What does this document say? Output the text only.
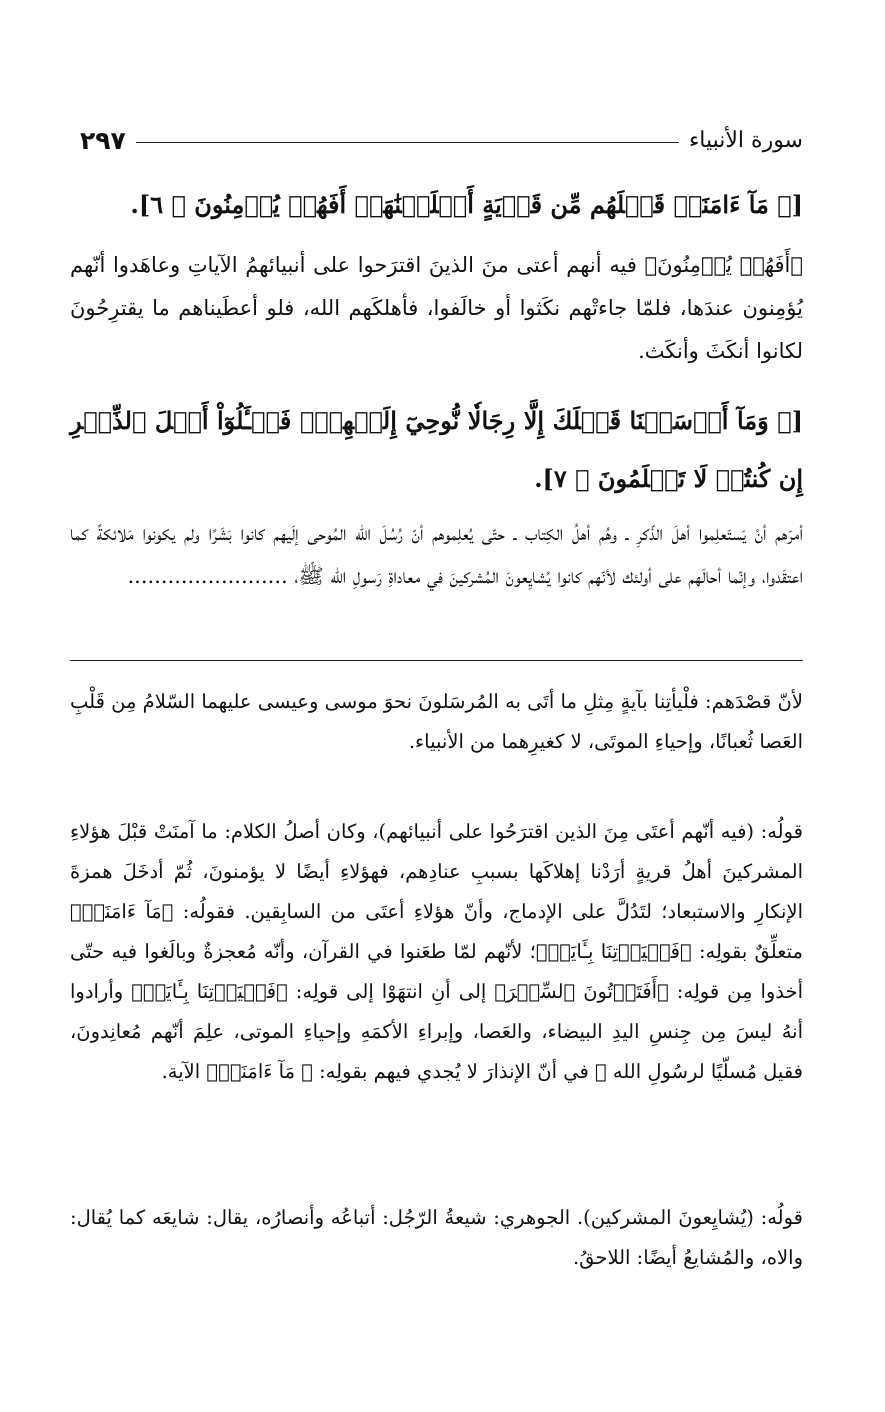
٢٩٧	سورة الأنبياء
[﴿ مَآ ءَامَنَتۡ قَبۡلَهُم مِّن قَرۡيَةٍ أَهۡلَكۡنَٰهَآۖ أَفَهُمۡ يُؤۡمِنُونَ ﴾ ٦].
﴿أَفَهُمۡ يُؤۡمِنُونَ﴾ فيه أنهم أعتى منَ الذينَ اقترَحوا على أنبيائهمُ الآياتِ وعاهَدوا أنّهم يُؤمِنون عندَها، فلمّا جاءتْهم نكَثوا أو خالَفوا، فأهلكَهم الله، فلو أعطَيناهم ما يقترِحُونَ لكانوا أنكَثَ وأنكَث.
[﴿ وَمَآ أَرۡسَلۡنَا قَبۡلَكَ إِلَّا رِجَالٗا نُّوحِيٓ إِلَيۡهِمۡۖ فَسۡـَٔلُوٓاْ أَهۡلَ ٱلذِّكۡرِ إِن كُنتُمۡ لَا تَعۡلَمُونَ ﴾ ٧].
أمرَهم أنْ يَستَعلِموا أهلَ الذّكرِ ـ وهُم أهلُ الكِتاب ـ حتّى يُعلِموهم أنّ رُسُلَ الله المُوحى إلَيهم كانوا بَشَرًا ولم يكونوا مَلائكةً كما اعتقَدوا، وإنّما أحالَهم على أولئك لأنّهم كانوا يُشايِعونَ المُشركينَ في معاداةِ رَسولِ الله ﷺ، ........................
لأنّ قصْدَهم: فلْيأتِنا بآيةٍ مِثلِ ما أتَى به المُرسَلونَ نحوَ موسى وعيسى عليهما السّلامُ مِن قَلْبِ العَصا ثُعبانًا، وإحياءِ الموتَى، لا كغيرِهما من الأنبياء.
قولُه: (فيه أنّهم أعتَى مِنَ الذين اقترَحُوا على أنبيائهم)، وكان أصلُ الكلام: ما آمنَتْ قبْلَ هؤلاءِ المشركينَ أهلُ قريةٍ أرَدْنا إهلاكَها بسببِ عنادِهم، فهؤلاءِ أيضًا لا يؤمنونَ، ثُمّ أدخَلَ همزةَ الإنكارِ والاستبعاد؛ لتَدُلَّ على الإدماج، وأنّ هؤلاءِ أعتَى من السابِقين. فقولُه: ﴿مَآ ءَامَنَتۡ﴾ متعلِّقٌ بقولِه: ﴿فَلۡيَأۡتِنَا بِـَٔايَةٖ﴾؛ لأنّهم لمّا طعَنوا في القرآن، وأنّه مُعجزةٌ وبالَغوا فيه حتّى أخذوا مِن قولِه: ﴿أَفَتَأۡتُونَ ٱلسِّحۡرَ﴾ إلى أنِ انتهَوْا إلى قولِه: ﴿فَلۡيَأۡتِنَا بِـَٔايَةٖ﴾ وأرادوا أنهُ ليسَ مِن جِنسِ اليدِ البيضاء، والعَصا، وإبراءِ الأكمَهِ وإحياءِ الموتى، علِمَ أنّهم مُعانِدونَ، فقيل مُسلّيًا لرسُولِ الله ﷺ في أنّ الإنذارَ لا يُجدي فيهم بقولِه: ﴿ مَآ ءَامَنَتۡ﴾ الآية.
قولُه: (يُشايِعونَ المشركين). الجوهري: شيعةُ الرّجُل: أتباعُه وأنصارُه، يقال: شايعَه كما يُقال: والاه، والمُشايعُ أيضًا: اللاحقُ.
